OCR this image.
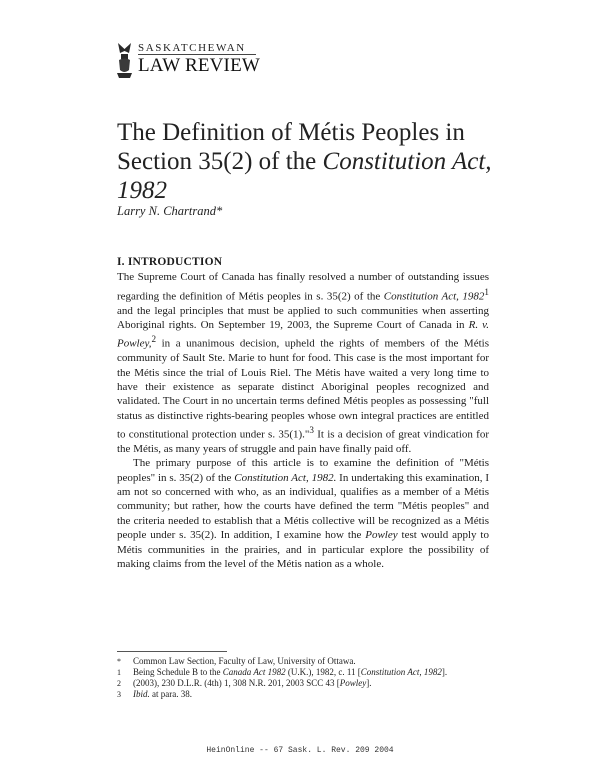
SASKATCHEWAN
LAW REVIEW
The Definition of Métis Peoples in Section 35(2) of the Constitution Act, 1982
Larry N. Chartrand*
I. INTRODUCTION

The Supreme Court of Canada has finally resolved a number of outstanding issues regarding the definition of Métis peoples in s. 35(2) of the Constitution Act, 1982$^1$ and the legal principles that must be applied to such communities when asserting Aboriginal rights. On September 19, 2003, the Supreme Court of Canada in R. v. Powley,$^2$ in a unanimous decision, upheld the rights of members of the Métis community of Sault Ste. Marie to hunt for food. This case is the most important for the Métis since the trial of Louis Riel. The Métis have waited a very long time to have their existence as separate distinct Aboriginal peoples recognized and validated. The Court in no uncertain terms defined Métis peoples as possessing "full status as distinctive rights-bearing peoples whose own integral practices are entitled to constitutional protection under s. 35(1)."$^3$ It is a decision of great vindication for the Métis, as many years of struggle and pain have finally paid off.

The primary purpose of this article is to examine the definition of "Métis peoples" in s. 35(2) of the Constitution Act, 1982. In undertaking this examination, I am not so concerned with who, as an individual, qualifies as a member of a Métis community; but rather, how the courts have defined the term "Métis peoples" and the criteria needed to establish that a Métis collective will be recognized as a Métis people under s. 35(2). In addition, I examine how the Powley test would apply to Métis communities in the prairies, and in particular explore the possibility of making claims from the level of the Métis nation as a whole.

*	Common Law Section, Faculty of Law, University of Ottawa.
1	Being Schedule B to the Canada Act 1982 (U.K.), 1982, c. 11 [Constitution Act, 1982].
2	(2003), 230 D.L.R. (4th) 1, 308 N.R. 201, 2003 SCC 43 [Powley].
3	Ibid. at para. 38.
HeinOnline -- 67 Sask. L. Rev. 209 2004
